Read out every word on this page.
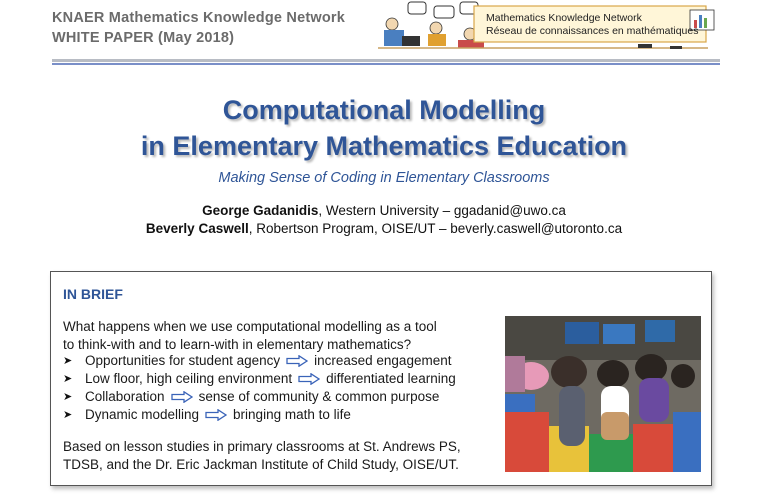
KNAER Mathematics Knowledge Network
WHITE PAPER (May 2018)
Mathematics Knowledge Network
Réseau de connaissances en mathématiques
Computational Modelling
in Elementary Mathematics Education
Making Sense of Coding in Elementary Classrooms
George Gadanidis, Western University – ggadanid@uwo.ca
Beverly Caswell, Robertson Program, OISE/UT – beverly.caswell@utoronto.ca
IN BRIEF
What happens when we use computational modelling as a tool
to think-with and to learn-with in elementary mathematics?
➤ Opportunities for student agency	increased engagement
➤ Low floor, high ceiling environment	differentiated learning
➤ Collaboration	sense of community & common purpose
➤ Dynamic modelling	bringing math to life
Based on lesson studies in primary classrooms at St. Andrews PS,
TDSB, and the Dr. Eric Jackman Institute of Child Study, OISE/UT.
